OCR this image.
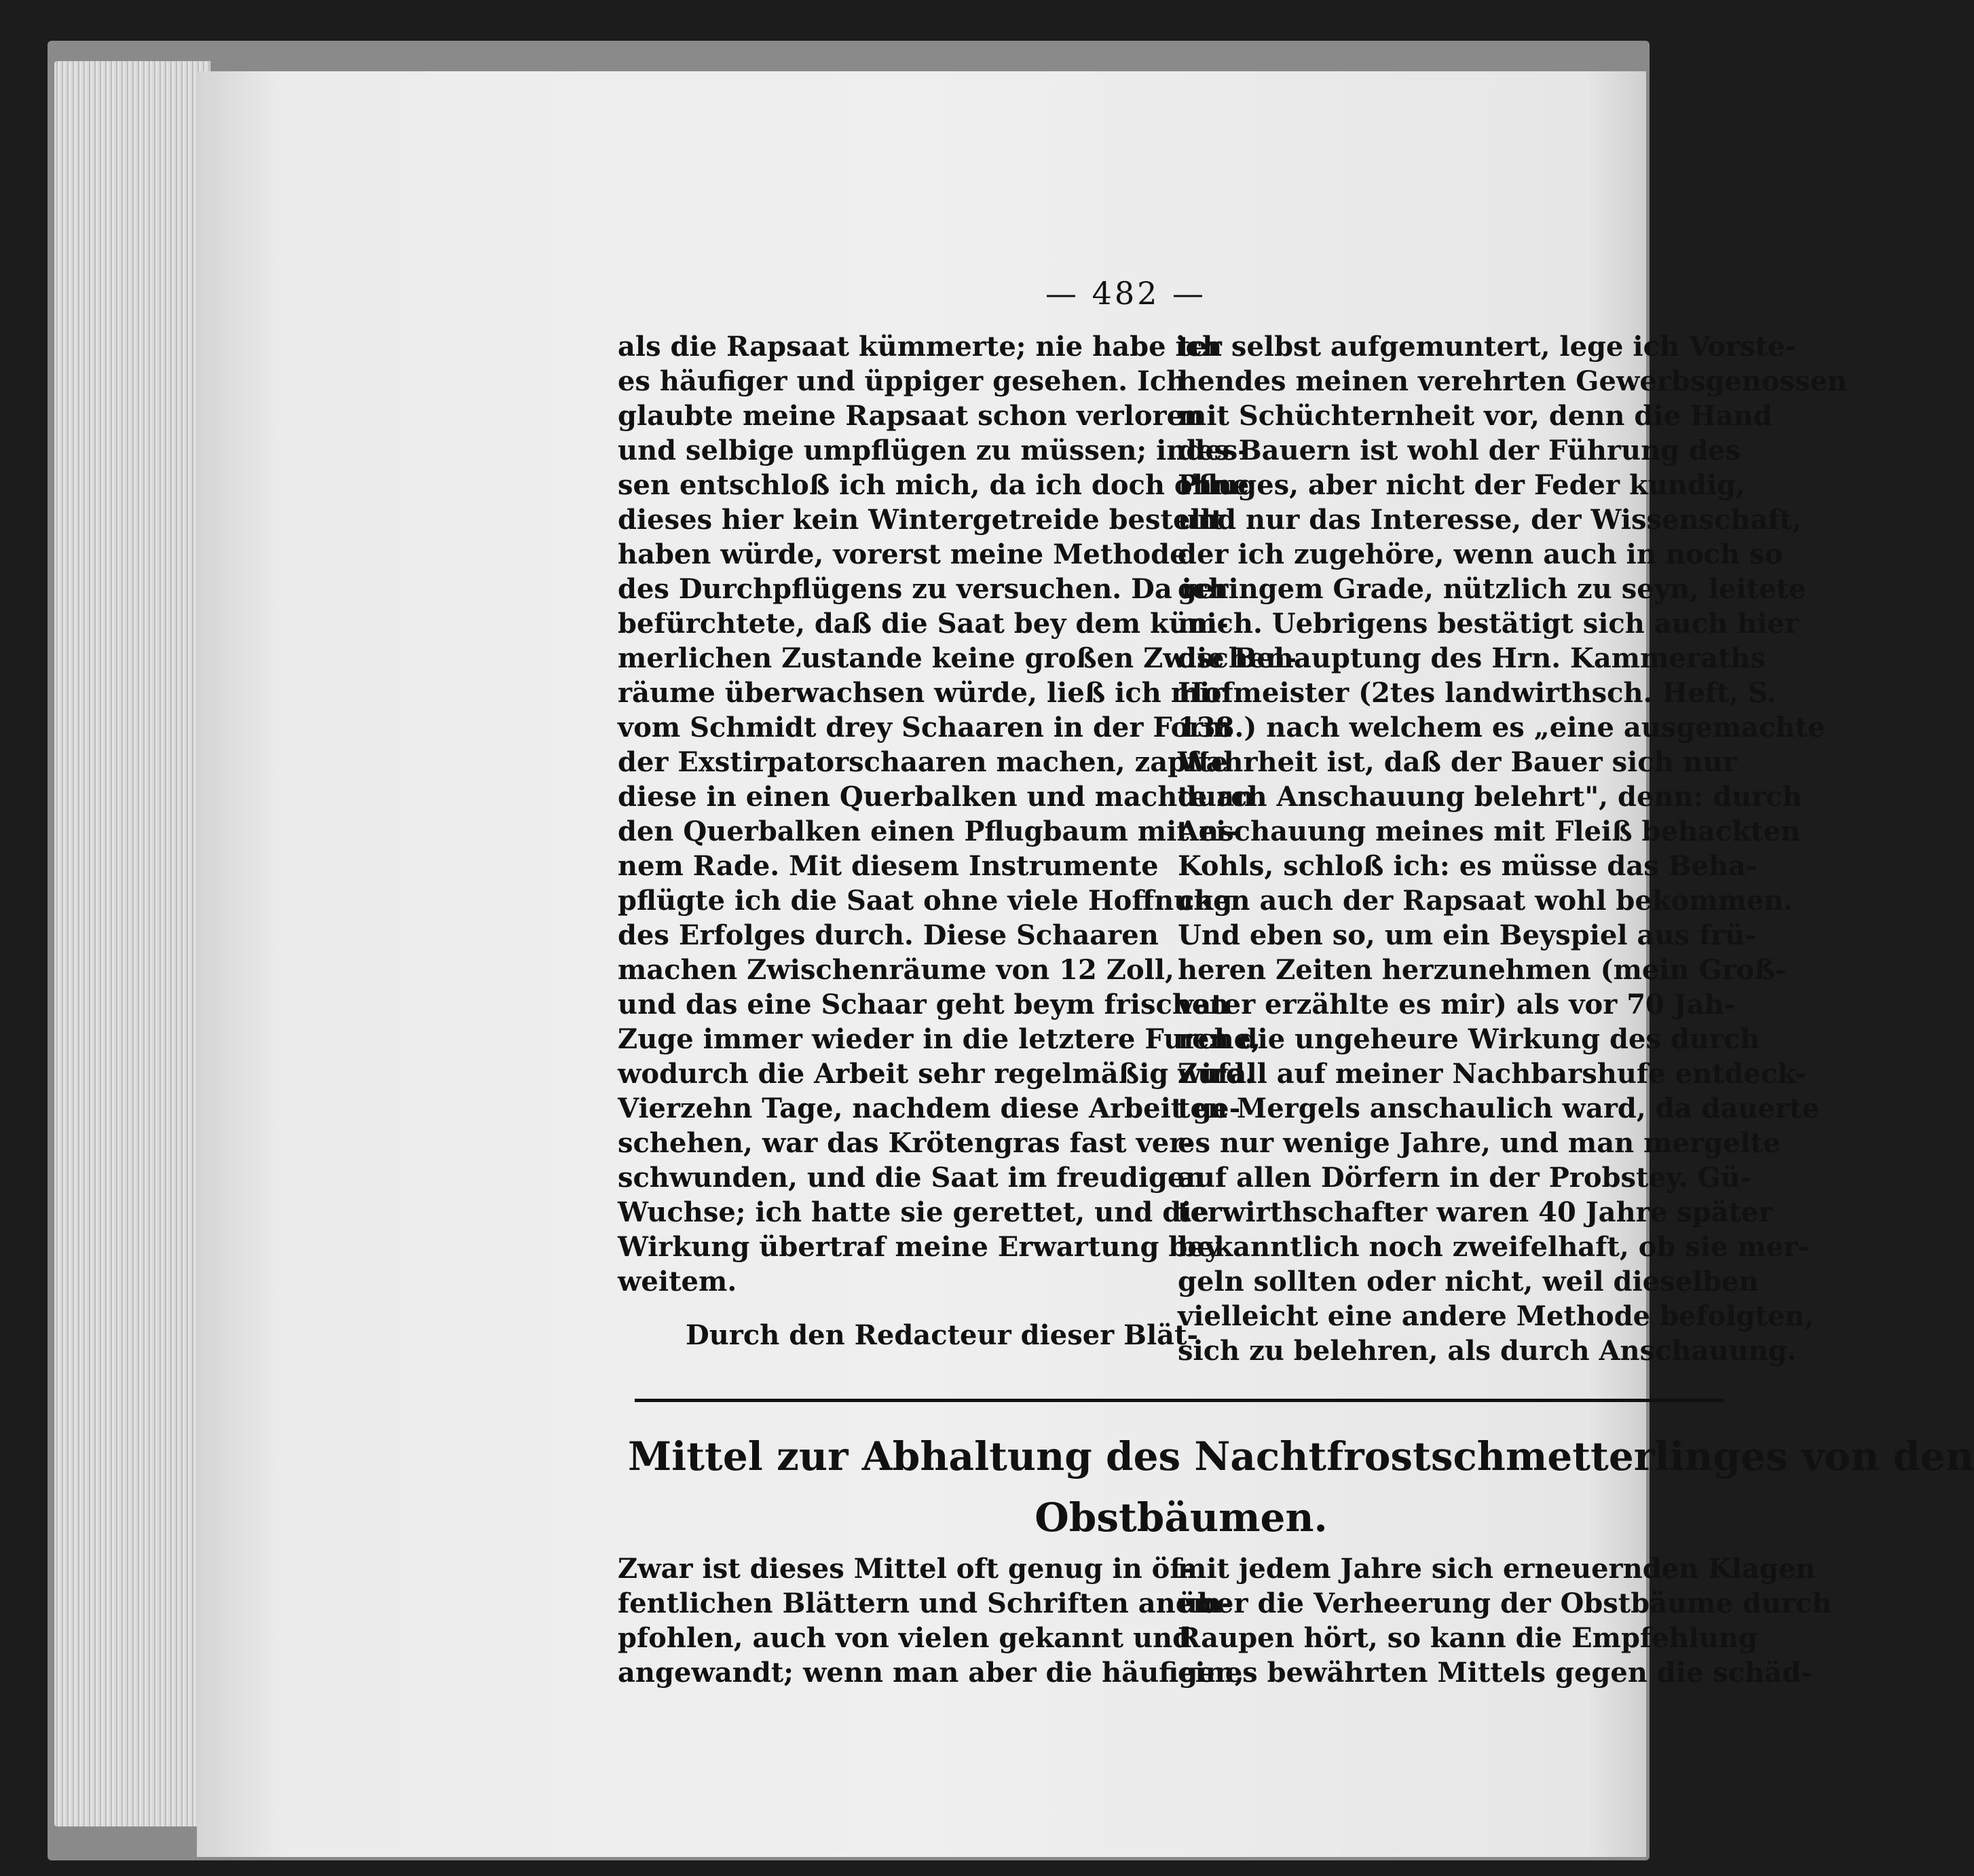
— 482 —
als die Rapsaat kümmerte; nie habe ich
es häufiger und üppiger gesehen. Ich
glaubte meine Rapsaat schon verloren
und selbige umpflügen zu müssen; indes-
sen entschloß ich mich, da ich doch ohne
dieses hier kein Wintergetreide bestellt
haben würde, vorerst meine Methode
des Durchpflügens zu versuchen. Da ich
befürchtete, daß die Saat bey dem küm-
merlichen Zustande keine großen Zwischen-
räume überwachsen würde, ließ ich mir
vom Schmidt drey Schaaren in der Form
der Exstirpatorschaaren machen, zapfte
diese in einen Querbalken und machte an
den Querbalken einen Pflugbaum mit ei-
nem Rade. Mit diesem Instrumente
pflügte ich die Saat ohne viele Hoffnung
des Erfolges durch. Diese Schaaren
machen Zwischenräume von 12 Zoll,
und das eine Schaar geht beym frischen
Zuge immer wieder in die letztere Furche,
wodurch die Arbeit sehr regelmäßig wird.
Vierzehn Tage, nachdem diese Arbeit ge-
schehen, war das Krötengras fast ver-
schwunden, und die Saat im freudigen
Wuchse; ich hatte sie gerettet, und die
Wirkung übertraf meine Erwartung bey
weitem.
Durch den Redacteur dieser Blät-
ter selbst aufgemuntert, lege ich Vorste-
hendes meinen verehrten Gewerbsgenossen
mit Schüchternheit vor, denn die Hand
des Bauern ist wohl der Führung des
Pfluges, aber nicht der Feder kundig,
und nur das Interesse, der Wissenschaft,
der ich zugehöre, wenn auch in noch so
geringem Grade, nützlich zu seyn, leitete
mich. Uebrigens bestätigt sich auch hier
die Behauptung des Hrn. Kammeraths
Hofmeister (2tes landwirthsch. Heft, S.
138.) nach welchem es „eine ausgemachte
Wahrheit ist, daß der Bauer sich nur
durch Anschauung belehrt", denn: durch
Anschauung meines mit Fleiß behackten
Kohls, schloß ich: es müsse das Beha-
cken auch der Rapsaat wohl bekommen.
Und eben so, um ein Beyspiel aus frü-
heren Zeiten herzunehmen (mein Groß-
vater erzählte es mir) als vor 70 Jah-
ren die ungeheure Wirkung des durch
Zufall auf meiner Nachbarshufe entdeck-
ten Mergels anschaulich ward, da dauerte
es nur wenige Jahre, und man mergelte
auf allen Dörfern in der Probstey. Gü-
terwirthschafter waren 40 Jahre später
bekanntlich noch zweifelhaft, ob sie mer-
geln sollten oder nicht, weil dieselben
vielleicht eine andere Methode befolgten,
sich zu belehren, als durch Anschauung.
Mittel zur Abhaltung des Nachtfrostschmetterlinges von den
Obstbäumen.
Zwar ist dieses Mittel oft genug in öf-
fentlichen Blättern und Schriften anem-
pfohlen, auch von vielen gekannt und
angewandt; wenn man aber die häufigen,
mit jedem Jahre sich erneuernden Klagen
über die Verheerung der Obstbäume durch
Raupen hört, so kann die Empfehlung
eines bewährten Mittels gegen die schäd-
